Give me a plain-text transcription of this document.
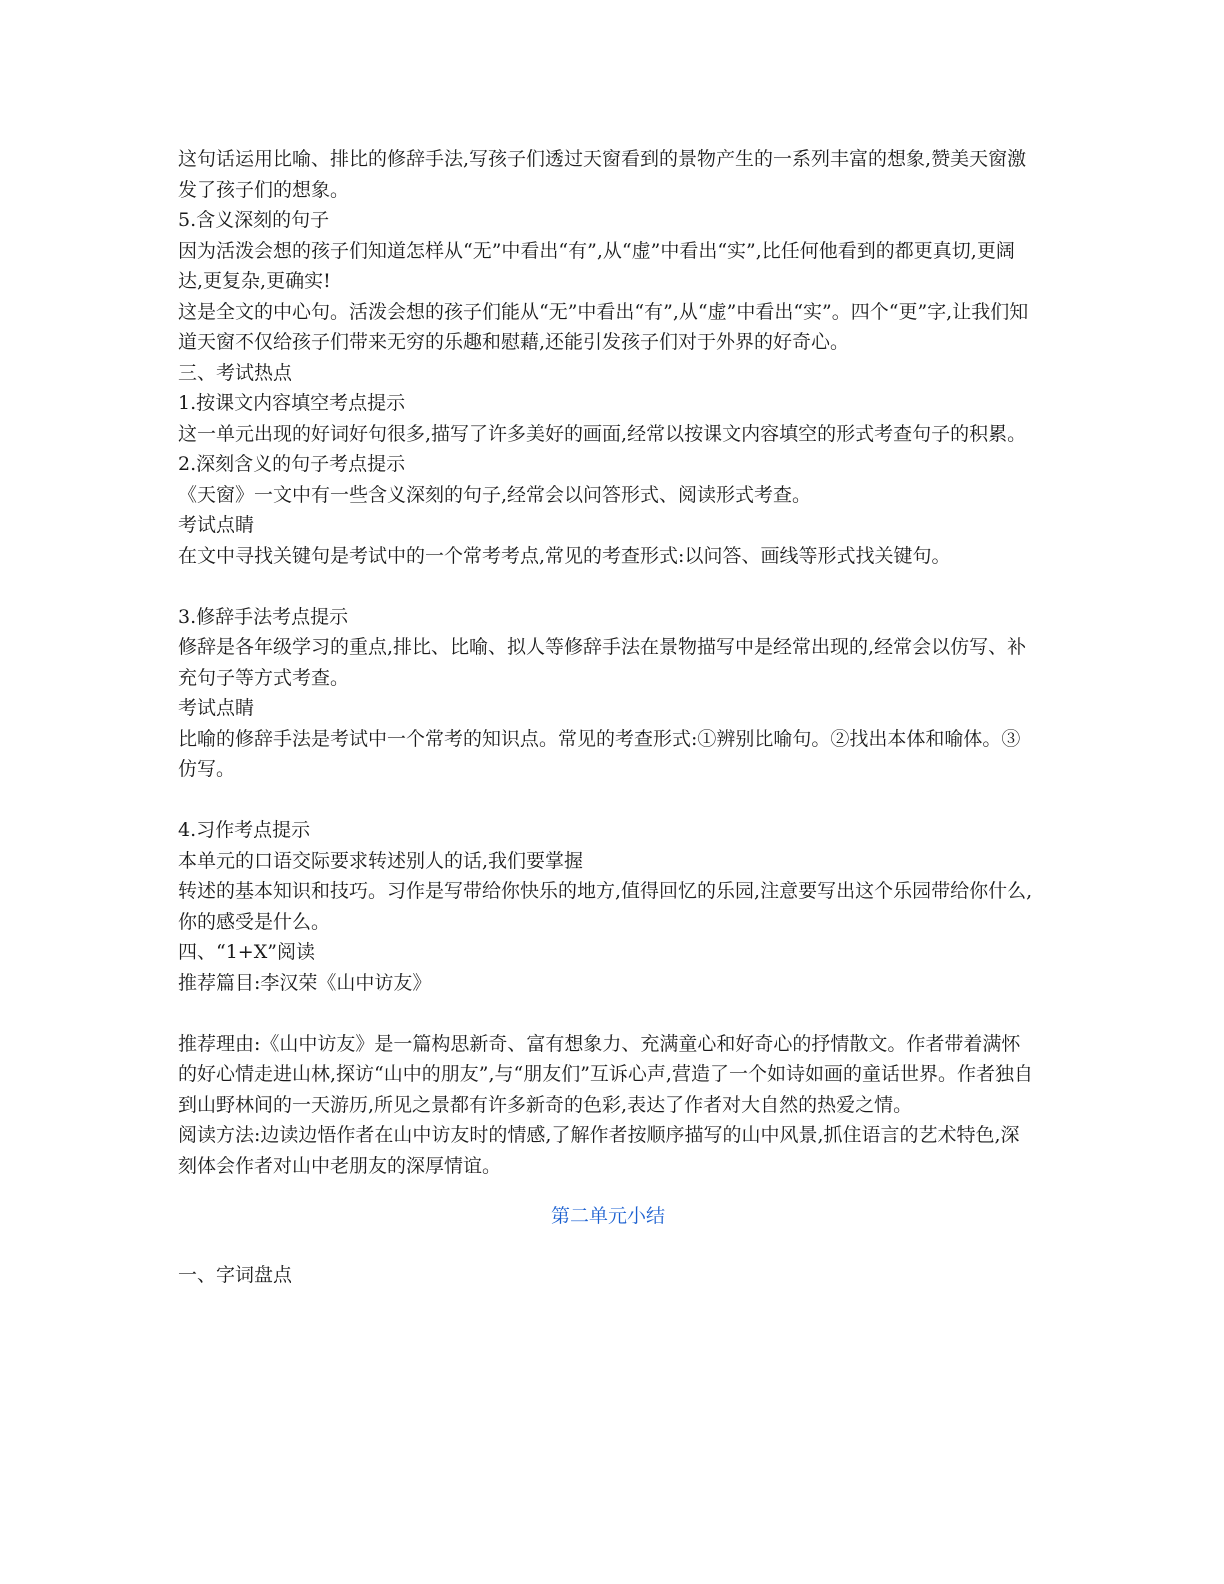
这句话运用比喻、排比的修辞手法,写孩子们透过天窗看到的景物产生的一系列丰富的想象,赞美天窗激发了孩子们的想象。

5.含义深刻的句子

因为活泼会想的孩子们知道怎样从“无”中看出“有”,从“虚”中看出“实”,比任何他看到的都更真切,更阔达,更复杂,更确实!

这是全文的中心句。活泼会想的孩子们能从“无”中看出“有”,从“虚”中看出“实”。四个“更”字,让我们知道天窗不仅给孩子们带来无穷的乐趣和慰藉,还能引发孩子们对于外界的好奇心。

三、考试热点

1.按课文内容填空考点提示

这一单元出现的好词好句很多,描写了许多美好的画面,经常以按课文内容填空的形式考查句子的积累。

2.深刻含义的句子考点提示

《天窗》一文中有一些含义深刻的句子,经常会以问答形式、阅读形式考查。

考试点睛

在文中寻找关键句是考试中的一个常考考点,常见的考查形式:以问答、画线等形式找关键句。

3.修辞手法考点提示

修辞是各年级学习的重点,排比、比喻、拟人等修辞手法在景物描写中是经常出现的,经常会以仿写、补充句子等方式考查。

考试点睛

比喻的修辞手法是考试中一个常考的知识点。常见的考查形式:①辨别比喻句。②找出本体和喻体。③仿写。

4.习作考点提示

本单元的口语交际要求转述别人的话,我们要掌握

转述的基本知识和技巧。习作是写带给你快乐的地方,值得回忆的乐园,注意要写出这个乐园带给你什么,你的感受是什么。

四、“1+X”阅读

推荐篇目:李汉荣《山中访友》

推荐理由:《山中访友》是一篇构思新奇、富有想象力、充满童心和好奇心的抒情散文。作者带着满怀的好心情走进山林,探访“山中的朋友”,与“朋友们”互诉心声,营造了一个如诗如画的童话世界。作者独自到山野林间的一天游历,所见之景都有许多新奇的色彩,表达了作者对大自然的热爱之情。

阅读方法:边读边悟作者在山中访友时的情感,了解作者按顺序描写的山中风景,抓住语言的艺术特色,深刻体会作者对山中老朋友的深厚情谊。

第二单元小结

一、字词盘点
